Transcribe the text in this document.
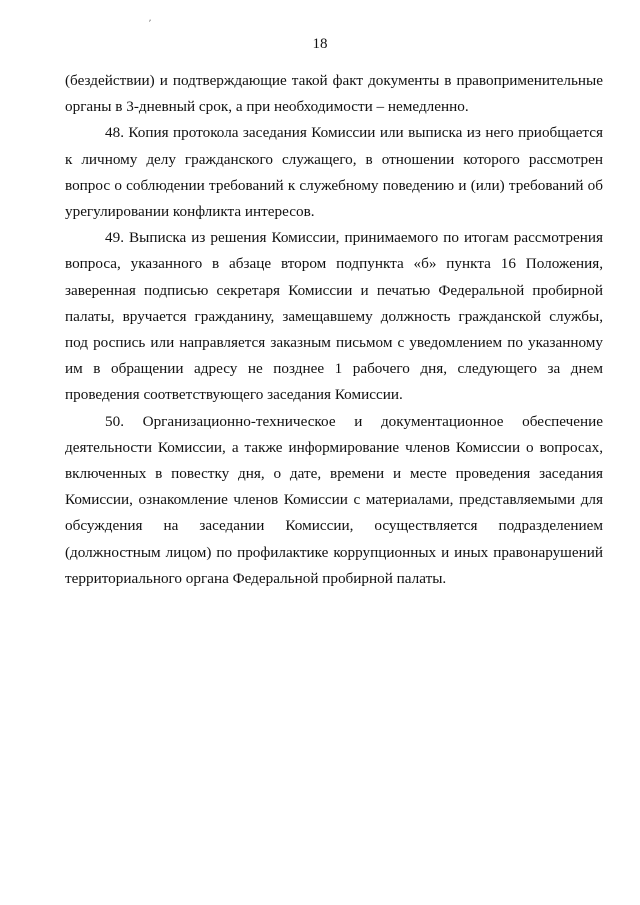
'
18

(бездействии) и подтверждающие такой факт документы в правоприменительные органы в 3-дневный срок, а при необходимости – немедленно.

48. Копия протокола заседания Комиссии или выписка из него приобщается к личному делу гражданского служащего, в отношении которого рассмотрен вопрос о соблюдении требований к служебному поведению и (или) требований об урегулировании конфликта интересов.

49. Выписка из решения Комиссии, принимаемого по итогам рассмотрения вопроса, указанного в абзаце втором подпункта «б» пункта 16 Положения, заверенная подписью секретаря Комиссии и печатью Федеральной пробирной палаты, вручается гражданину, замещавшему должность гражданской службы, под роспись или направляется заказным письмом с уведомлением по указанному им в обращении адресу не позднее 1 рабочего дня, следующего за днем проведения соответствующего заседания Комиссии.

50. Организационно-техническое и документационное обеспечение деятельности Комиссии, а также информирование членов Комиссии о вопросах, включенных в повестку дня, о дате, времени и месте проведения заседания Комиссии, ознакомление членов Комиссии с материалами, представляемыми для обсуждения на заседании Комиссии, осуществляется подразделением (должностным лицом) по профилактике коррупционных и иных правонарушений территориального органа Федеральной пробирной палаты.
